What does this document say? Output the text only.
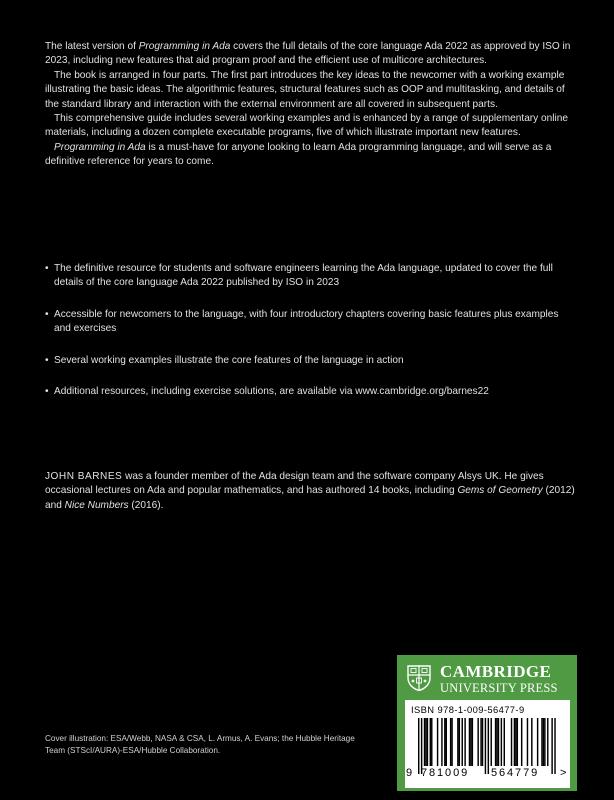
The latest version of Programming in Ada covers the full details of the core language Ada 2022 as approved by ISO in 2023, including new features that aid program proof and the efficient use of multicore architectures.

The book is arranged in four parts. The first part introduces the key ideas to the newcomer with a working example illustrating the basic ideas. The algorithmic features, structural features such as OOP and multitasking, and details of the standard library and interaction with the external environment are all covered in subsequent parts.

This comprehensive guide includes several working examples and is enhanced by a range of supplementary online materials, including a dozen complete executable programs, five of which illustrate important new features.

Programming in Ada is a must-have for anyone looking to learn Ada programming language, and will serve as a definitive reference for years to come.

• The definitive resource for students and software engineers learning the Ada language, updated to cover the full details of the core language Ada 2022 published by ISO in 2023
• Accessible for newcomers to the language, with four introductory chapters covering basic features plus examples and exercises
• Several working examples illustrate the core features of the language in action
• Additional resources, including exercise solutions, are available via www.cambridge.org/barnes22
JOHN BARNES was a founder member of the Ada design team and the software company Alsys UK. He gives occasional lectures on Ada and popular mathematics, and has authored 14 books, including Gems of Geometry (2012) and Nice Numbers (2016).
Cover illustration: ESA/Webb, NASA & CSA, L. Armus, A. Evans; the Hubble Heritage Team (STScI/AURA)-ESA/Hubble Collaboration.
CAMBRIDGE
UNIVERSITY PRESS
ISBN 978-1-009-56477-9
9 781009 564779 >
